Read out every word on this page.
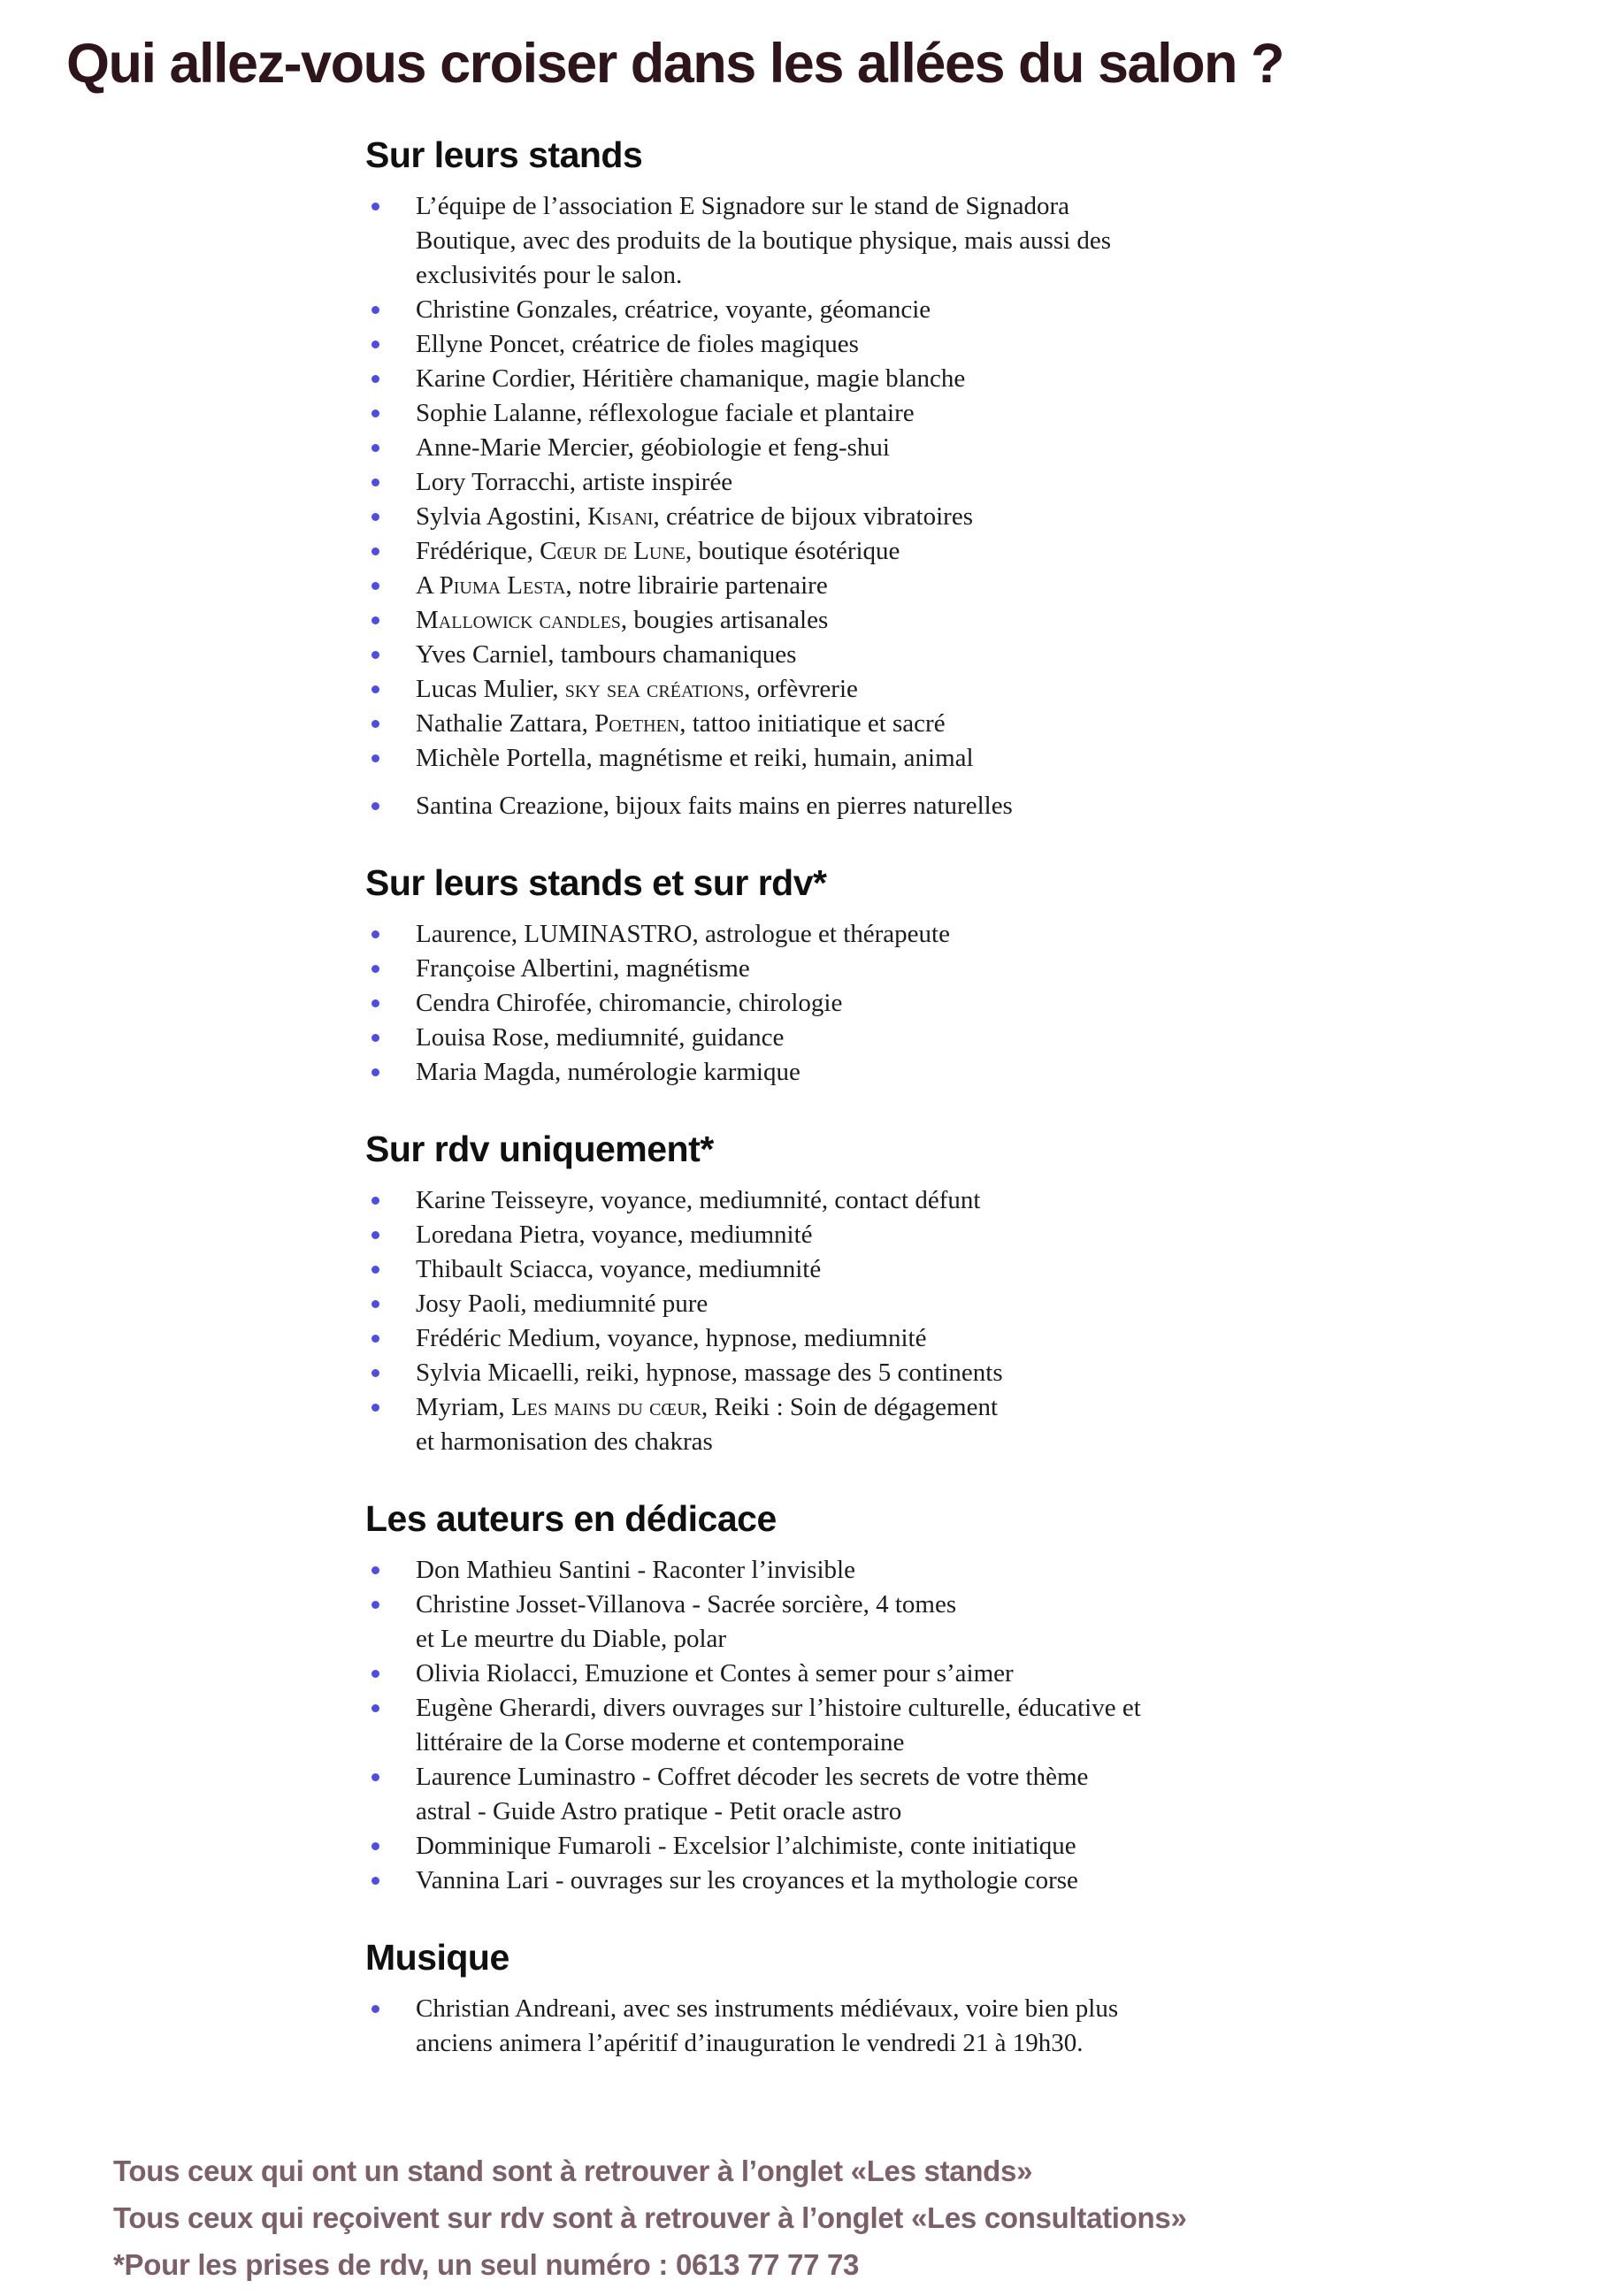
Qui allez-vous croiser dans les allées du salon ?
Sur leurs stands
L’équipe de l’association E Signadore sur le stand de Signadora
Boutique, avec des produits de la boutique physique, mais aussi des
exclusivités pour le salon.
Christine Gonzales, créatrice, voyante, géomancie
Ellyne Poncet, créatrice de fioles magiques
Karine Cordier, Héritière chamanique, magie blanche
Sophie Lalanne, réflexologue faciale et plantaire
Anne-Marie Mercier, géobiologie et feng-shui
Lory Torracchi, artiste inspirée
Sylvia Agostini, Kisani, créatrice de bijoux vibratoires
Frédérique, Cœur de Lune, boutique ésotérique
A Piuma Lesta, notre librairie partenaire
Mallowick candles, bougies artisanales
Yves Carniel, tambours chamaniques
Lucas Mulier, sky sea créations, orfèvrerie
Nathalie Zattara, Poethen, tattoo initiatique et sacré
Michèle Portella, magnétisme et reiki, humain, animal
Santina Creazione, bijoux faits mains en pierres naturelles
Sur leurs stands et sur rdv*
Laurence, LUMINASTRO, astrologue et thérapeute
Françoise Albertini, magnétisme
Cendra Chirofée, chiromancie, chirologie
Louisa Rose, mediumnité, guidance
Maria Magda, numérologie karmique
Sur rdv uniquement*
Karine Teisseyre, voyance, mediumnité, contact défunt
Loredana Pietra, voyance, mediumnité
Thibault Sciacca, voyance, mediumnité
Josy Paoli, mediumnité pure
Frédéric Medium, voyance, hypnose, mediumnité
Sylvia Micaelli, reiki, hypnose, massage des 5 continents
Myriam, Les mains du cœur, Reiki : Soin de dégagement
et harmonisation des chakras
Les auteurs en dédicace
Don Mathieu Santini - Raconter l’invisible
Christine Josset-Villanova - Sacrée sorcière, 4 tomes
et Le meurtre du Diable, polar
Olivia Riolacci, Emuzione et Contes à semer pour s’aimer
Eugène Gherardi, divers ouvrages sur l’histoire culturelle, éducative et
littéraire de la Corse moderne et contemporaine
Laurence Luminastro - Coffret décoder les secrets de votre thème
astral - Guide Astro pratique - Petit oracle astro
Domminique Fumaroli - Excelsior l’alchimiste, conte initiatique
Vannina Lari - ouvrages sur les croyances et la mythologie corse
Musique
Christian Andreani, avec ses instruments médiévaux, voire bien plus
anciens animera l’apéritif d’inauguration le vendredi 21 à 19h30.
Tous ceux qui ont un stand sont à retrouver à l’onglet «Les stands»
Tous ceux qui reçoivent sur rdv sont à retrouver à l’onglet «Les consultations»
*Pour les prises de rdv, un seul numéro : 0613 77 77 73
